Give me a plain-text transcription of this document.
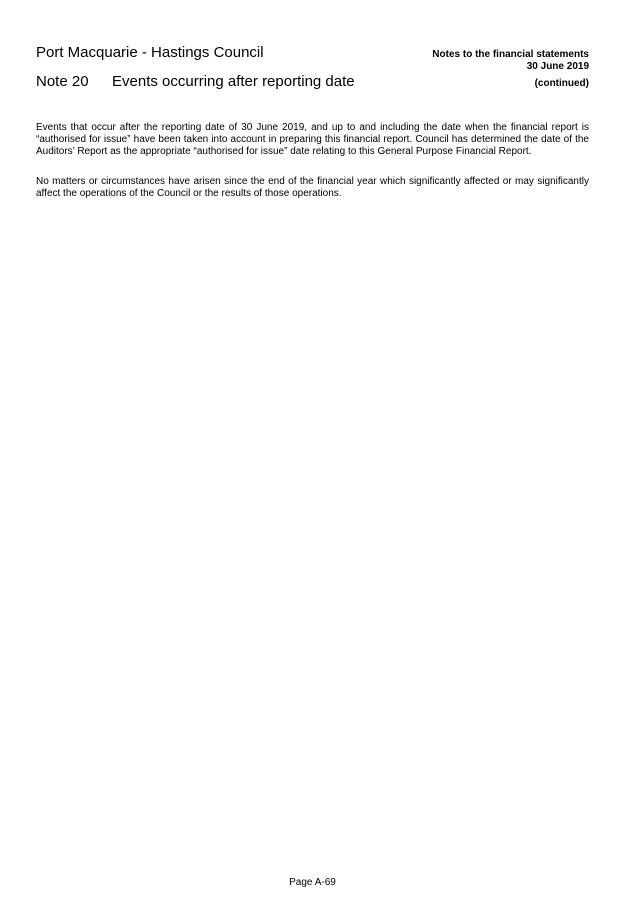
Port Macquarie - Hastings Council
Note 20 Events occurring after reporting date
Notes to the financial statements
30 June 2019
(continued)

Events that occur after the reporting date of 30 June 2019, and up to and including the date when the financial report is “authorised for issue” have been taken into account in preparing this financial report. Council has determined the date of the Auditors’ Report as the appropriate “authorised for issue” date relating to this General Purpose Financial Report.

No matters or circumstances have arisen since the end of the financial year which significantly affected or may significantly affect the operations of the Council or the results of those operations.

Page A-69
